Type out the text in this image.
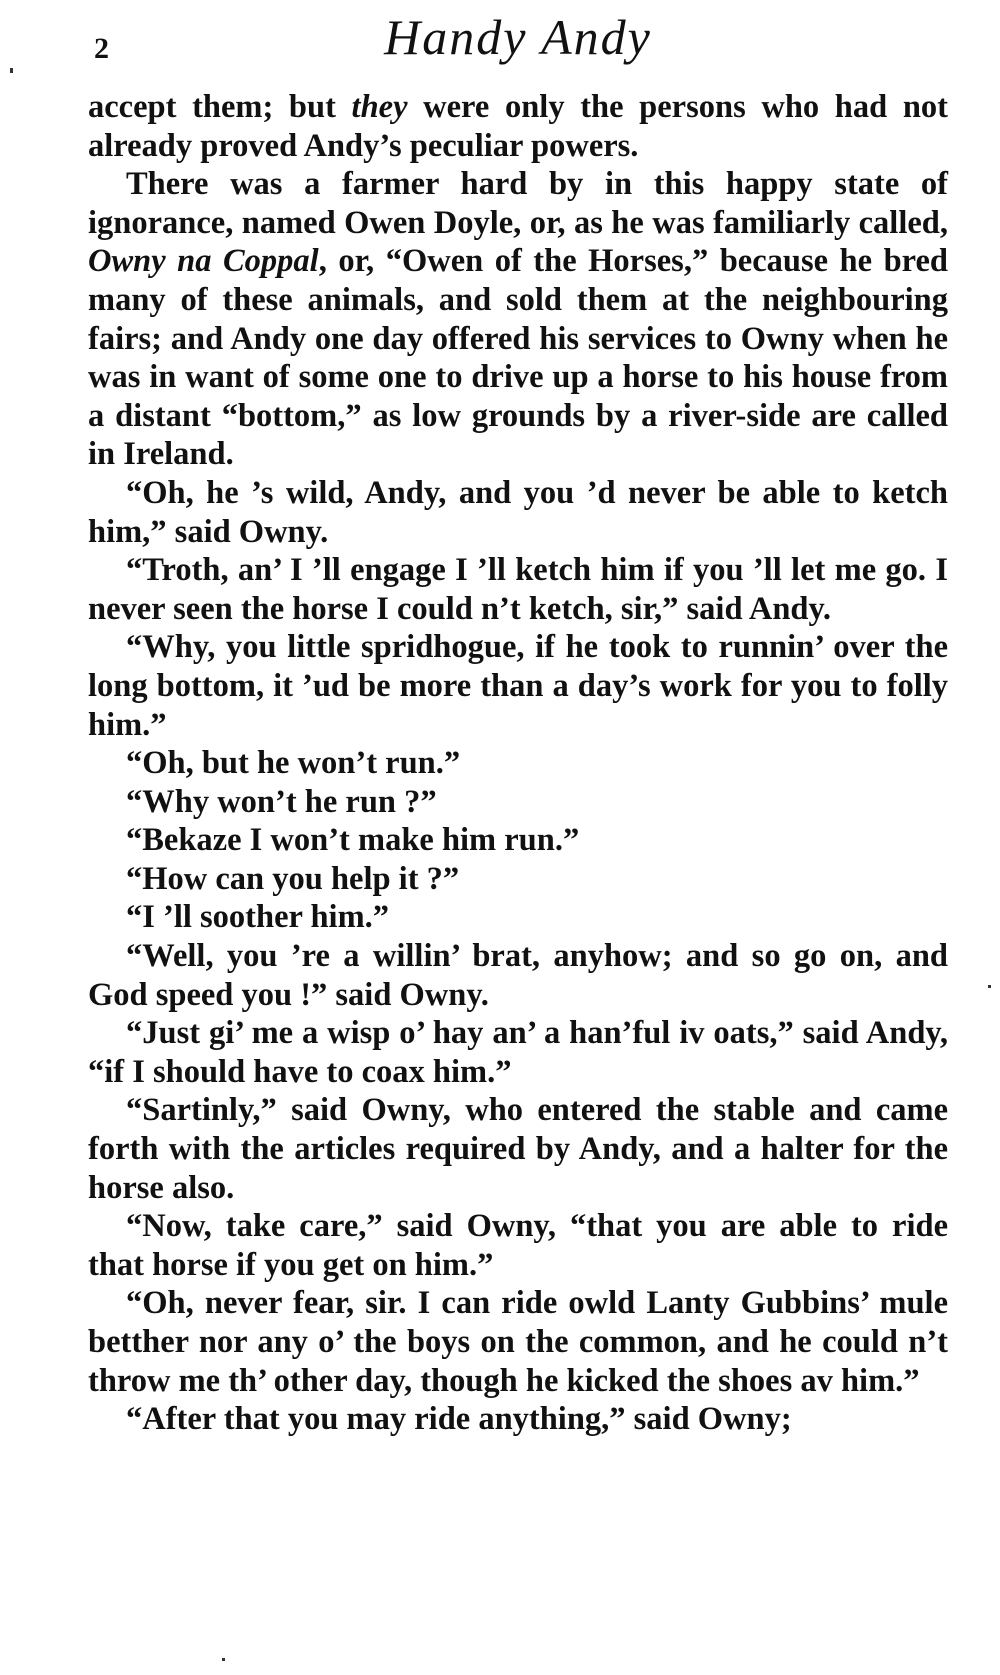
2	Handy Andy

accept them; but they were only the persons who had not already proved Andy’s peculiar powers.

There was a farmer hard by in this happy state of ignorance, named Owen Doyle, or, as he was familiarly called, Owny na Coppal, or, “Owen of the Horses,” because he bred many of these animals, and sold them at the neighbouring fairs; and Andy one day offered his services to Owny when he was in want of some one to drive up a horse to his house from a distant “bottom,” as low grounds by a river-side are called in Ireland.

“Oh, he ’s wild, Andy, and you ’d never be able to ketch him,” said Owny.

“Troth, an’ I ’ll engage I ’ll ketch him if you ’ll let me go. I never seen the horse I could n’t ketch, sir,” said Andy.

“Why, you little spridhogue, if he took to runnin’ over the long bottom, it ’ud be more than a day’s work for you to folly him.”

“Oh, but he won’t run.”

“Why won’t he run ?”

“Bekaze I won’t make him run.”

“How can you help it ?”

“I ’ll soother him.”

“Well, you ’re a willin’ brat, anyhow; and so go on, and God speed you !” said Owny.

“Just gi’ me a wisp o’ hay an’ a han’ful iv oats,” said Andy, “if I should have to coax him.”

“Sartinly,” said Owny, who entered the stable and came forth with the articles required by Andy, and a halter for the horse also.

“Now, take care,” said Owny, “that you are able to ride that horse if you get on him.”

“Oh, never fear, sir. I can ride owld Lanty Gubbins’ mule betther nor any o’ the boys on the common, and he could n’t throw me th’ other day, though he kicked the shoes av him.”

“After that you may ride anything,” said Owny;
